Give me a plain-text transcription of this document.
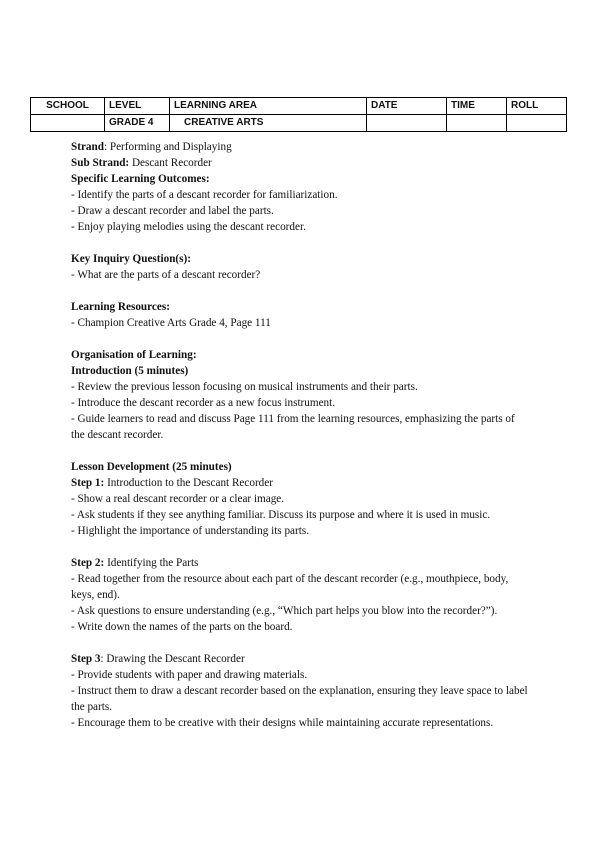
SCHOOL	LEVEL	LEARNING AREA	DATE	TIME	ROLL
	GRADE 4	CREATIVE ARTS			

Strand: Performing and Displaying

Sub Strand: Descant Recorder

Specific Learning Outcomes:

- Identify the parts of a descant recorder for familiarization.

- Draw a descant recorder and label the parts.

- Enjoy playing melodies using the descant recorder.

Key Inquiry Question(s):

- What are the parts of a descant recorder?

Learning Resources:

- Champion Creative Arts Grade 4, Page 111

Organisation of Learning:

Introduction (5 minutes)

- Review the previous lesson focusing on musical instruments and their parts.

- Introduce the descant recorder as a new focus instrument.

- Guide learners to read and discuss Page 111 from the learning resources, emphasizing the parts of the descant recorder.

Lesson Development (25 minutes)

Step 1: Introduction to the Descant Recorder

- Show a real descant recorder or a clear image.

- Ask students if they see anything familiar. Discuss its purpose and where it is used in music.

- Highlight the importance of understanding its parts.

Step 2: Identifying the Parts

- Read together from the resource about each part of the descant recorder (e.g., mouthpiece, body, keys, end).

- Ask questions to ensure understanding (e.g., “Which part helps you blow into the recorder?”).

- Write down the names of the parts on the board.

Step 3: Drawing the Descant Recorder

- Provide students with paper and drawing materials.

- Instruct them to draw a descant recorder based on the explanation, ensuring they leave space to label the parts.

- Encourage them to be creative with their designs while maintaining accurate representations.
